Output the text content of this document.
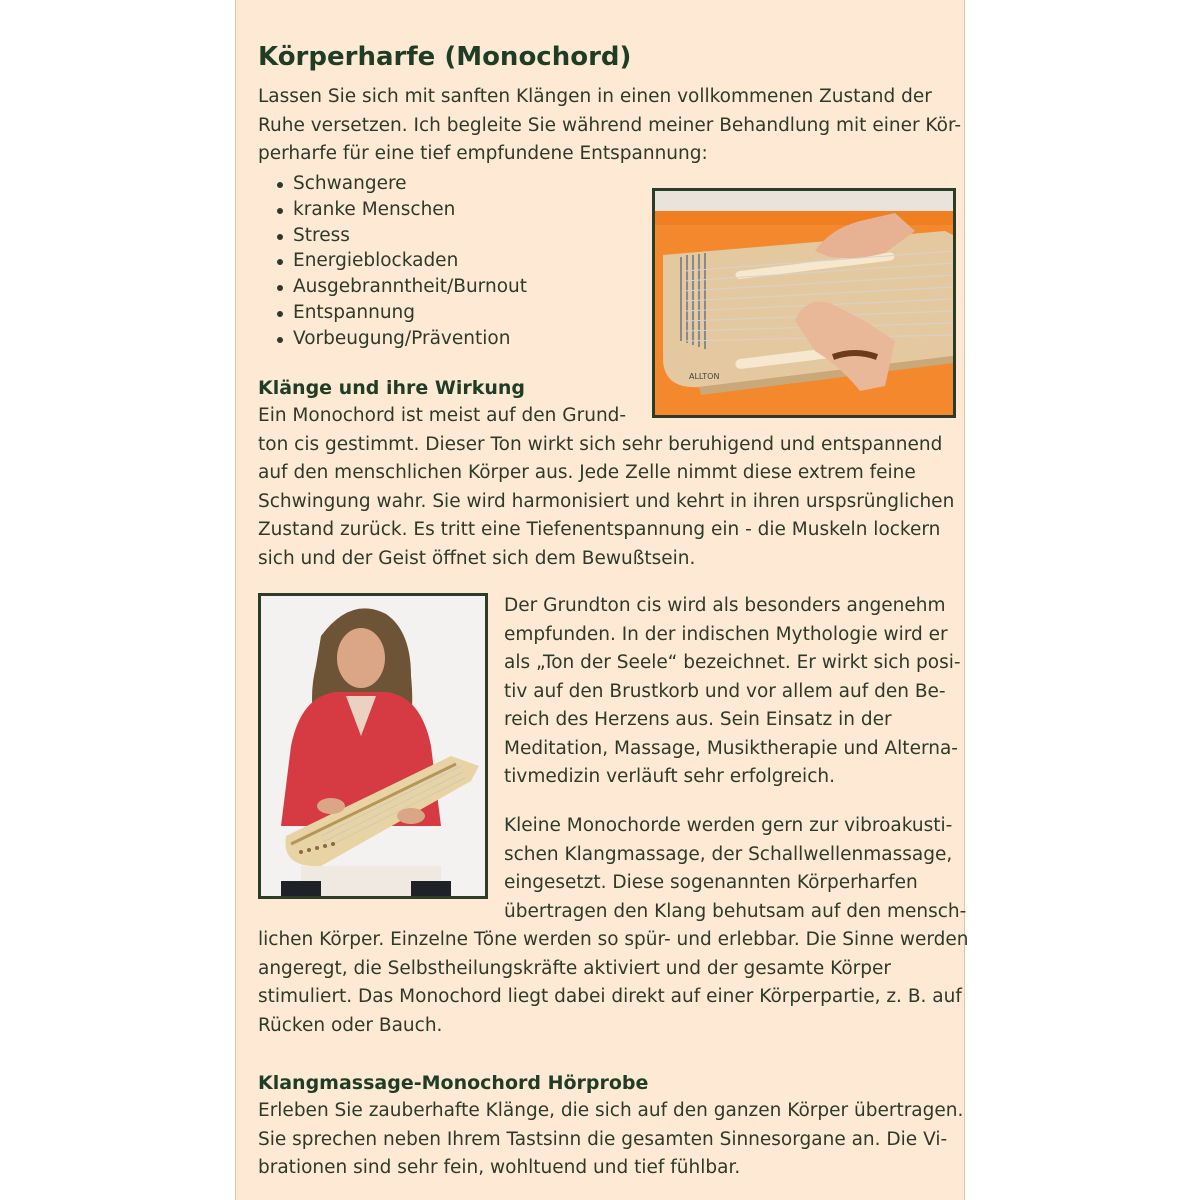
Körperharfe (Monochord)
Lassen Sie sich mit sanften Klängen in einen vollkommenen Zustand der
Ruhe versetzen. Ich begleite Sie während meiner Behandlung mit einer Kör-
perharfe für eine tief empfundene Entspannung:
Schwangere
kranke Menschen
Stress
Energieblockaden
Ausgebranntheit/Burnout
Entspannung
Vorbeugung/Prävention
ALLTON
Klänge und ihre Wirkung
Ein Monochord ist meist auf den Grund-
ton cis gestimmt. Dieser Ton wirkt sich sehr beruhigend und entspannend
auf den menschlichen Körper aus. Jede Zelle nimmt diese extrem feine
Schwingung wahr. Sie wird harmonisiert und kehrt in ihren urspsrünglichen
Zustand zurück. Es tritt eine Tiefenentspannung ein - die Muskeln lockern
sich und der Geist öffnet sich dem Bewußtsein.
Der Grundton cis wird als besonders angenehm
empfunden. In der indischen Mythologie wird er
als „Ton der Seele“ bezeichnet. Er wirkt sich posi-
tiv auf den Brustkorb und vor allem auf den Be-
reich des Herzens aus. Sein Einsatz in der
Meditation, Massage, Musiktherapie und Alterna-
tivmedizin verläuft sehr erfolgreich.
Kleine Monochorde werden gern zur vibroakusti-
schen Klangmassage, der Schallwellenmassage,
eingesetzt. Diese sogenannten Körperharfen
übertragen den Klang behutsam auf den mensch-
lichen Körper. Einzelne Töne werden so spür- und erlebbar. Die Sinne werden
angeregt, die Selbstheilungskräfte aktiviert und der gesamte Körper
stimuliert. Das Monochord liegt dabei direkt auf einer Körperpartie, z. B. auf
Rücken oder Bauch.
Klangmassage-Monochord Hörprobe
Erleben Sie zauberhafte Klänge, die sich auf den ganzen Körper übertragen.
Sie sprechen neben Ihrem Tastsinn die gesamten Sinnesorgane an. Die Vi-
brationen sind sehr fein, wohltuend und tief fühlbar.
